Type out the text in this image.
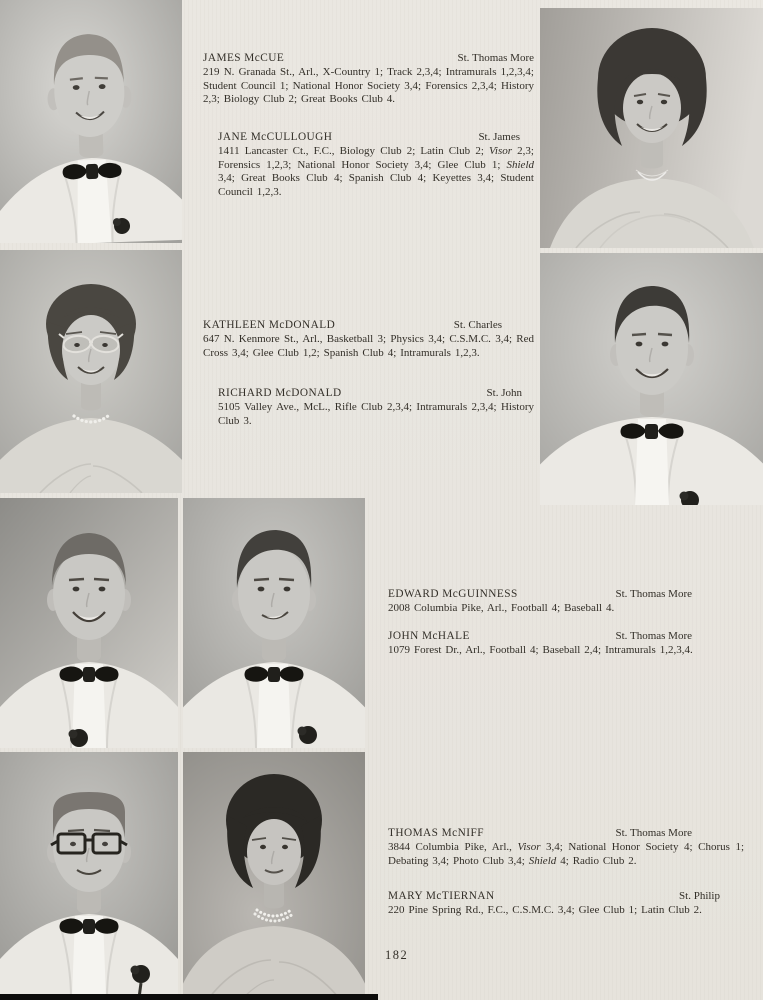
JAMES McCUE	St. Thomas More

219 N. Granada St., Arl., X-Country 1; Track 2,3,4; Intramurals 1,2,3,4; Student Council 1; National Honor Society 3,4; Forensics 2,3,4; History 2,3; Biology Club 2; Great Books Club 4.

JANE McCULLOUGH	St. James

1411 Lancaster Ct., F.C., Biology Club 2; Latin Club 2; Visor 2,3; Forensics 1,2,3; National Honor Society 3,4; Glee Club 1; Shield 3,4; Great Books Club 4; Spanish Club 4; Keyettes 3,4; Student Council 1,2,3.

KATHLEEN McDONALD	St. Charles

647 N. Kenmore St., Arl., Basketball 3; Physics 3,4; C.S.M.C. 3,4; Red Cross 3,4; Glee Club 1,2; Spanish Club 4; Intramurals 1,2,3.

RICHARD McDONALD	St. John

5105 Valley Ave., McL., Rifle Club 2,3,4; Intramurals 2,3,4; History Club 3.

EDWARD McGUINNESS	St. Thomas More

2008 Columbia Pike, Arl., Football 4; Baseball 4.

JOHN McHALE	St. Thomas More

1079 Forest Dr., Arl., Football 4; Baseball 2,4; Intramurals 1,2,3,4.

THOMAS McNIFF	St. Thomas More

3844 Columbia Pike, Arl., Visor 3,4; National Honor Society 4; Chorus 1; Debating 3,4; Photo Club 3,4; Shield 4; Radio Club 2.

MARY McTIERNAN	St. Philip

220 Pine Spring Rd., F.C., C.S.M.C. 3,4; Glee Club 1; Latin Club 2.

182
